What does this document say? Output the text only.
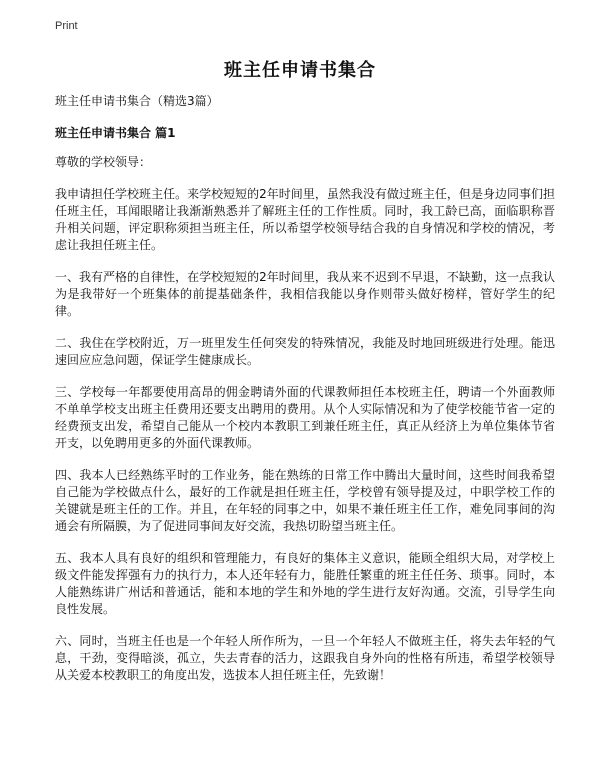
Print
班主任申请书集合

班主任申请书集合（精选3篇）

班主任申请书集合 篇1

尊敬的学校领导：

我申请担任学校班主任。来学校短短的2年时间里，虽然我没有做过班主任，但是身边同事们担任班主任，耳闻眼睹让我渐渐熟悉并了解班主任的工作性质。同时，我工龄已高，面临职称晋升相关问题，评定职称须担当班主任，所以希望学校领导结合我的自身情况和学校的情况，考虑让我担任班主任。

一、我有严格的自律性，在学校短短的2年时间里，我从来不迟到不早退，不缺勤，这一点我认为是我带好一个班集体的前提基础条件，我相信我能以身作则带头做好榜样，管好学生的纪律。

二、我住在学校附近，万一班里发生任何突发的特殊情况，我能及时地回班级进行处理。能迅速回应应急问题，保证学生健康成长。

三、学校每一年都要使用高昂的佣金聘请外面的代课教师担任本校班主任，聘请一个外面教师不单单学校支出班主任费用还要支出聘用的费用。从个人实际情况和为了使学校能节省一定的经费预支出发，希望自己能从一个校内本教职工到兼任班主任，真正从经济上为单位集体节省开支，以免聘用更多的外面代课教师。

四、我本人已经熟练平时的工作业务，能在熟练的日常工作中腾出大量时间，这些时间我希望自己能为学校做点什么，最好的工作就是担任班主任，学校曾有领导提及过，中职学校工作的关键就是班主任的工作。并且，在年轻的同事之中，如果不兼任班主任工作，难免同事间的沟通会有所隔膜，为了促进同事间友好交流，我热切盼望当班主任。

五、我本人具有良好的组织和管理能力，有良好的集体主义意识，能顾全组织大局，对学校上级文件能发挥强有力的执行力，本人还年轻有力，能胜任繁重的班主任任务、琐事。同时，本人能熟练讲广州话和普通话，能和本地的学生和外地的学生进行友好沟通。交流，引导学生向良性发展。

六、同时，当班主任也是一个年轻人所作所为，一旦一个年轻人不做班主任，将失去年轻的气息，干劲，变得暗淡，孤立，失去青春的活力，这跟我自身外向的性格有所违，希望学校领导从关爱本校教职工的角度出发，选拔本人担任班主任，先致谢！
